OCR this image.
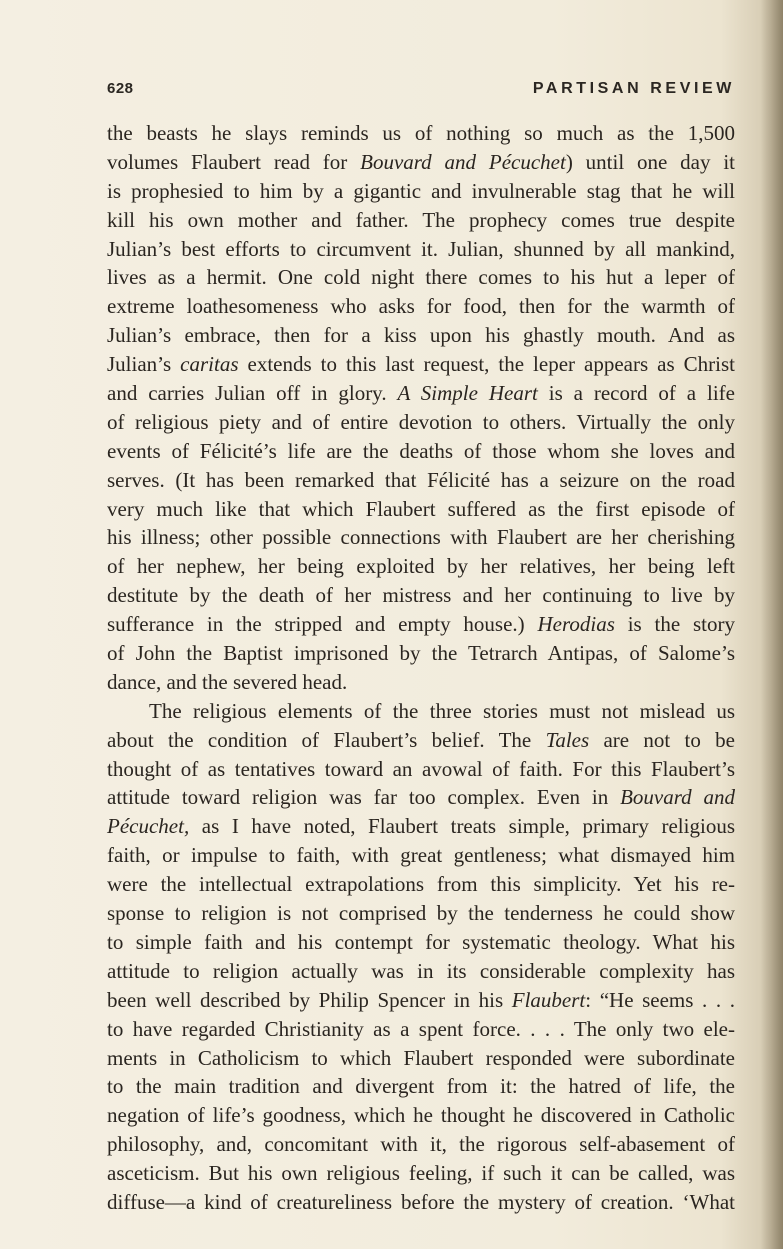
628	PARTISAN REVIEW
the beasts he slays reminds us of nothing so much as the 1,500
volumes Flaubert read for Bouvard and Pécuchet) until one day it
is prophesied to him by a gigantic and invulnerable stag that he will
kill his own mother and father. The prophecy comes true despite
Julian’s best efforts to circumvent it. Julian, shunned by all mankind,
lives as a hermit. One cold night there comes to his hut a leper of
extreme loathesomeness who asks for food, then for the warmth of
Julian’s embrace, then for a kiss upon his ghastly mouth. And as
Julian’s caritas extends to this last request, the leper appears as Christ
and carries Julian off in glory. A Simple Heart is a record of a life
of religious piety and of entire devotion to others. Virtually the only
events of Félicité’s life are the deaths of those whom she loves and
serves. (It has been remarked that Félicité has a seizure on the road
very much like that which Flaubert suffered as the first episode of
his illness; other possible connections with Flaubert are her cherishing
of her nephew, her being exploited by her relatives, her being left
destitute by the death of her mistress and her continuing to live by
sufferance in the stripped and empty house.) Herodias is the story
of John the Baptist imprisoned by the Tetrarch Antipas, of Salome’s
dance, and the severed head.
The religious elements of the three stories must not mislead us
about the condition of Flaubert’s belief. The Tales are not to be
thought of as tentatives toward an avowal of faith. For this Flaubert’s
attitude toward religion was far too complex. Even in Bouvard and
Pécuchet, as I have noted, Flaubert treats simple, primary religious
faith, or impulse to faith, with great gentleness; what dismayed him
were the intellectual extrapolations from this simplicity. Yet his re-
sponse to religion is not comprised by the tenderness he could show
to simple faith and his contempt for systematic theology. What his
attitude to religion actually was in its considerable complexity has
been well described by Philip Spencer in his Flaubert: “He seems . . .
to have regarded Christianity as a spent force. . . . The only two ele-
ments in Catholicism to which Flaubert responded were subordinate
to the main tradition and divergent from it: the hatred of life, the
negation of life’s goodness, which he thought he discovered in Catholic
philosophy, and, concomitant with it, the rigorous self-abasement of
asceticism. But his own religious feeling, if such it can be called, was
diffuse—a kind of creatureliness before the mystery of creation. ‘What
